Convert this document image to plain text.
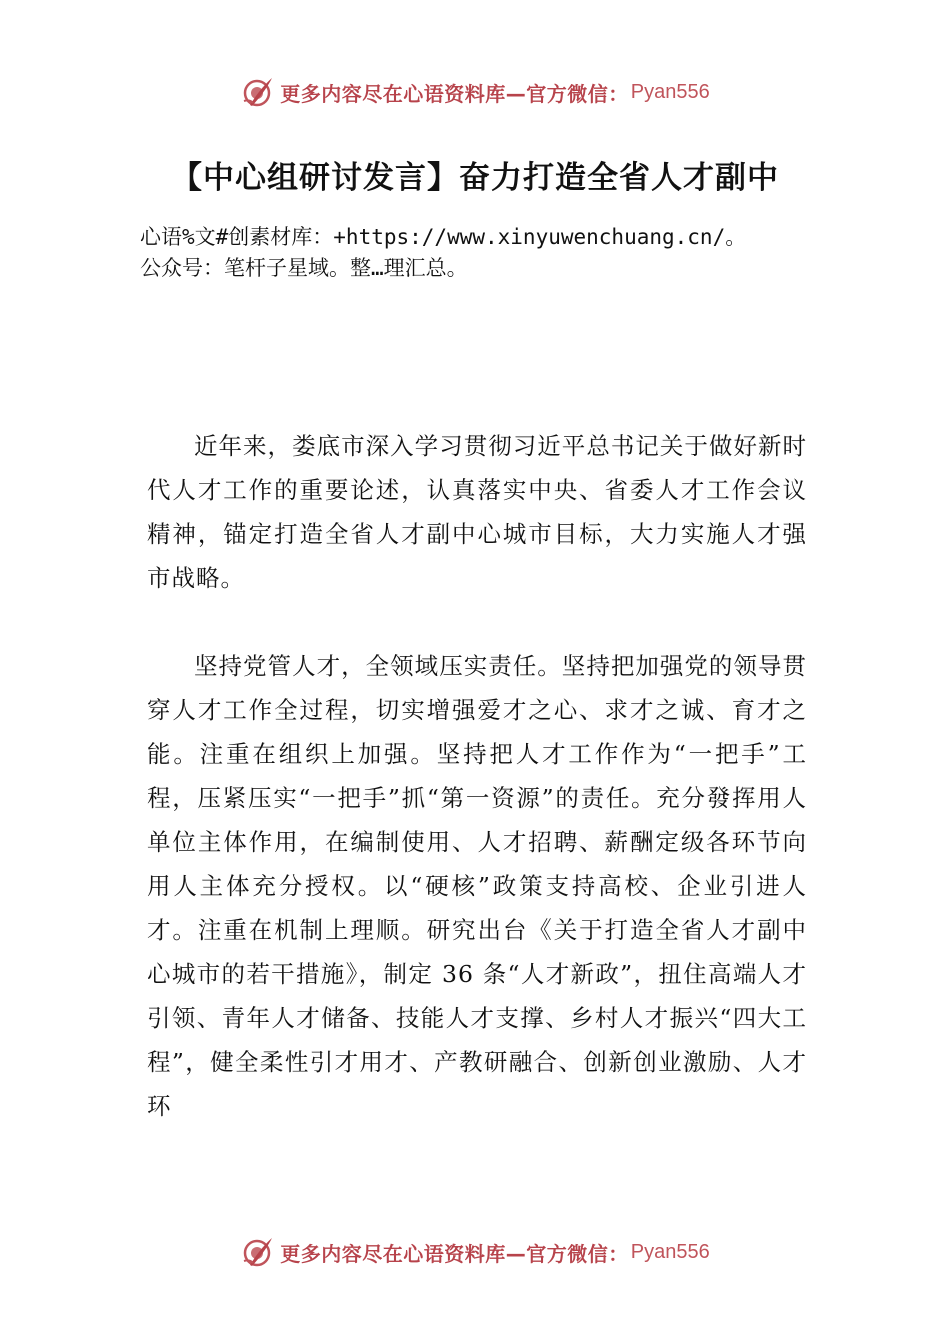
更多内容尽在心语资料库—官方微信： Pyan556
【中心组研讨发言】奋力打造全省人才副中
心语%文#创素材库：+https://www.xinyuwenchuang.cn/。
公众号：笔杆子星域。整…理汇总。

近年来，娄底市深入学习贯彻习近平总书记关于做好新时代人才工作的重要论述，认真落实中央、省委人才工作会议精神，锚定打造全省人才副中心城市目标，大力实施人才强市战略。

坚持党管人才，全领域压实责任。坚持把加强党的领导贯穿人才工作全过程，切实增强爱才之心、求才之诚、育才之能。注重在组织上加强。坚持把人才工作作为“一把手”工程，压紧压实“一把手”抓“第一资源”的责任。充分發挥用人单位主体作用，在编制使用、人才招聘、薪酬定级各环节向用人主体充分授权。以“硬核”政策支持高校、企业引进人才。注重在机制上理顺。研究出台《关于打造全省人才副中心城市的若干措施》，制定 36 条“人才新政”，扭住高端人才引领、青年人才储备、技能人才支撑、乡村人才振兴“四大工程”，健全柔性引才用才、产教研融合、创新创业激励、人才环

更多内容尽在心语资料库—官方微信： Pyan556
